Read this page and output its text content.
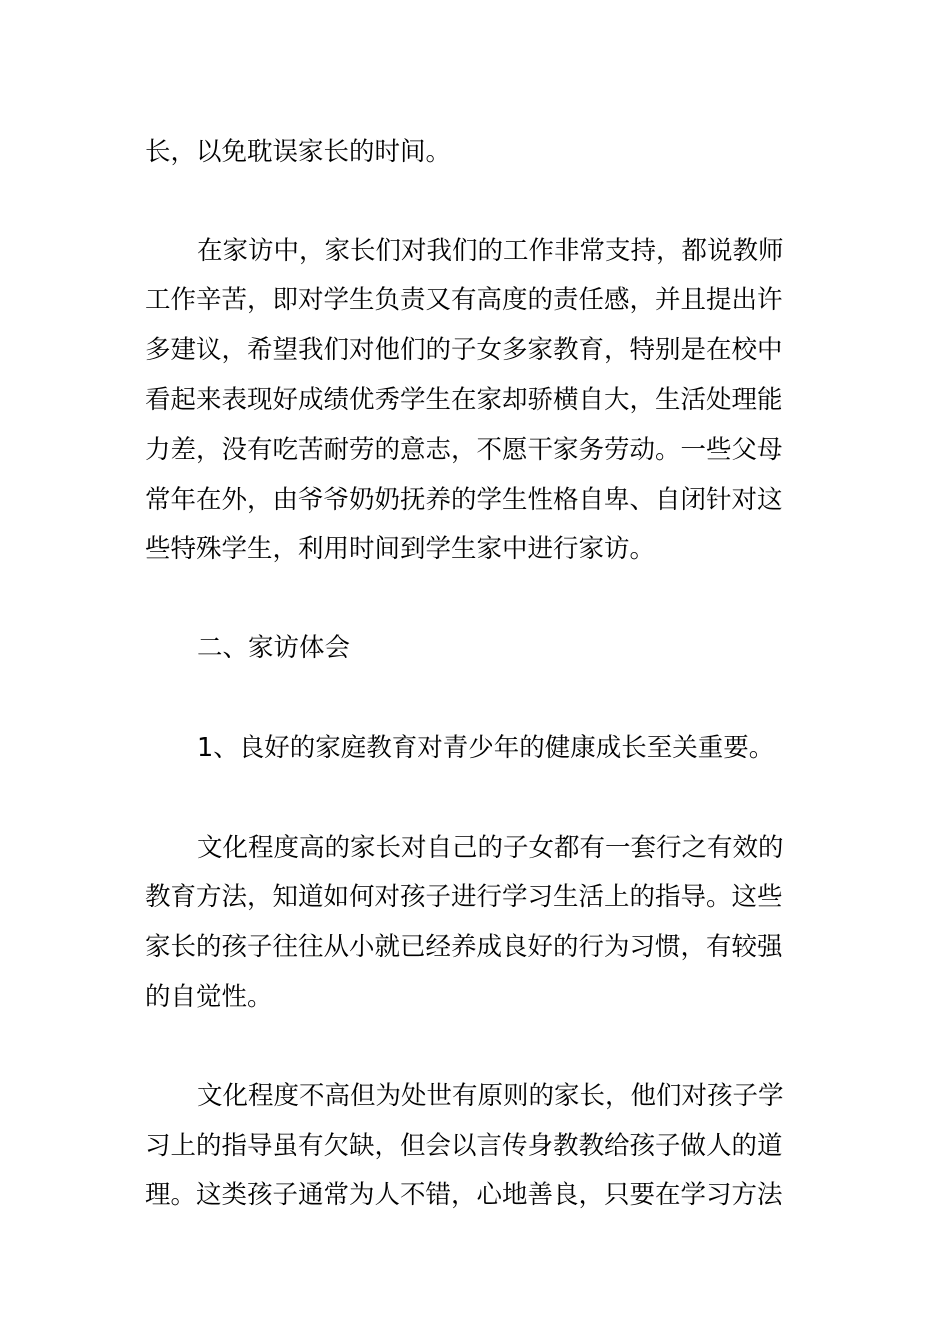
长，以免耽误家长的时间。
在家访中，家长们对我们的工作非常支持，都说教师
工作辛苦，即对学生负责又有高度的责任感，并且提出许
多建议，希望我们对他们的子女多家教育，特别是在校中
看起来表现好成绩优秀学生在家却骄横自大，生活处理能
力差，没有吃苦耐劳的意志，不愿干家务劳动。一些父母
常年在外，由爷爷奶奶抚养的学生性格自卑、自闭针对这
些特殊学生，利用时间到学生家中进行家访。
二、家访体会
1、良好的家庭教育对青少年的健康成长至关重要。
文化程度高的家长对自己的子女都有一套行之有效的
教育方法，知道如何对孩子进行学习生活上的指导。这些
家长的孩子往往从小就已经养成良好的行为习惯，有较强
的自觉性。
文化程度不高但为处世有原则的家长，他们对孩子学
习上的指导虽有欠缺，但会以言传身教教给孩子做人的道
理。这类孩子通常为人不错，心地善良，只要在学习方法
